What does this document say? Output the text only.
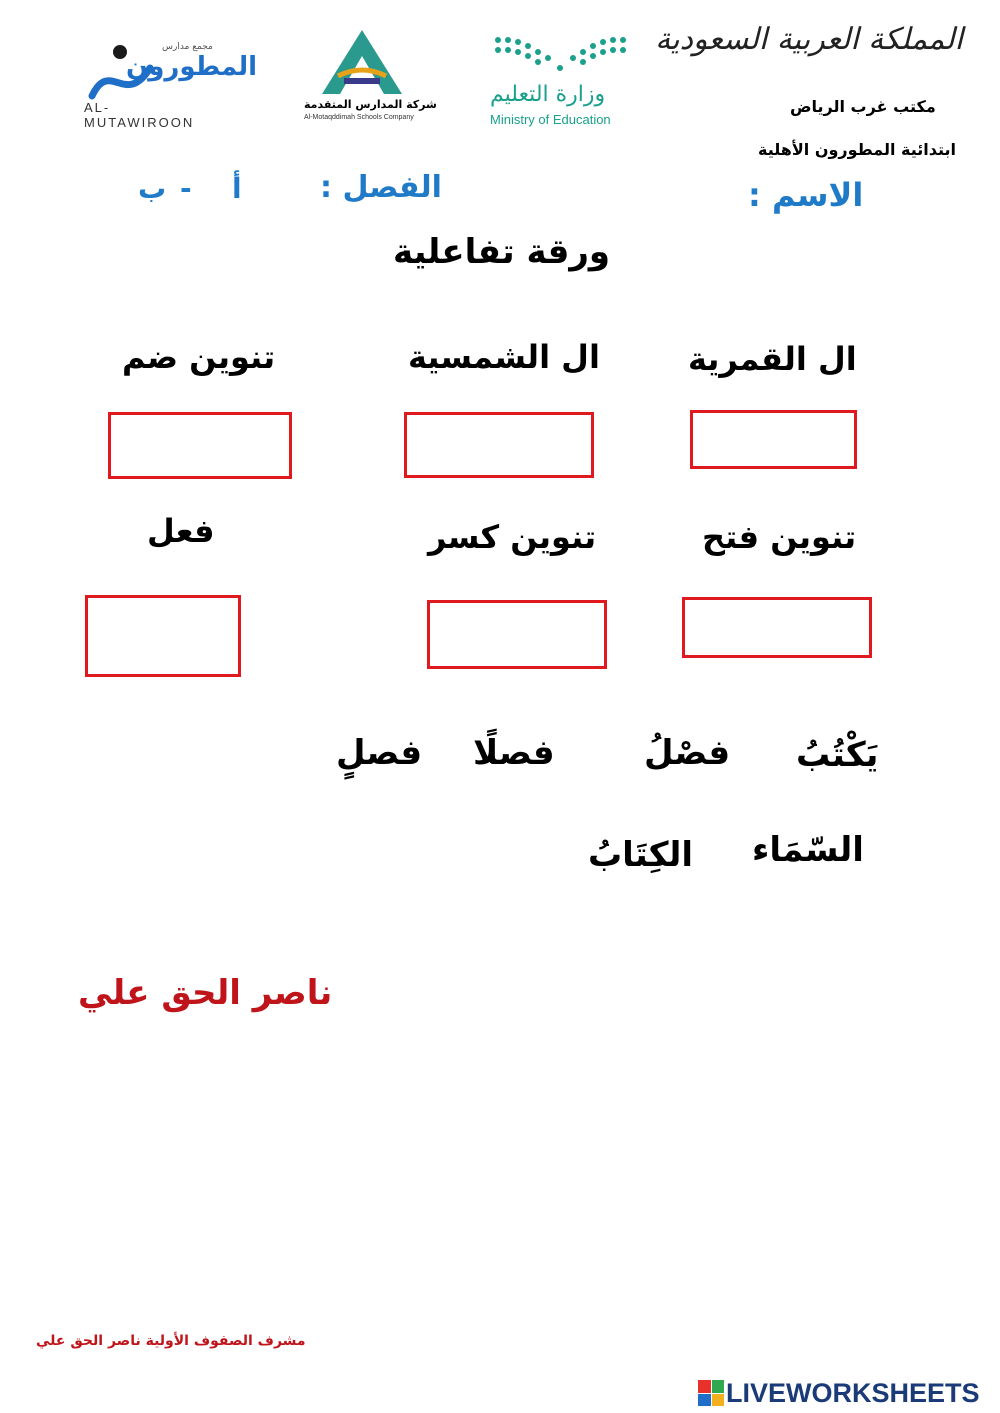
مجمع مدارس
المطورون
AL-MUTAWIROON
شركة المدارس المتقدمة
Al-Motaqddimah Schools Company
وزارة التعليم
Ministry of Education
المملكة العربية السعودية
مكتب غرب الرياض
ابتدائية المطورون الأهلية
الفصل :
أ
-
ب	الاسم :
ورقة تفاعلية
ال القمرية
ال الشمسية
تنوين ضم
تنوين فتح
تنوين كسر
فعل
يَكْتُبُ
فصْلُ
فصلًا
فصلٍ
السّمَاء
الكِتَابُ
ناصر الحق علي
مشرف الصفوف الأولية ناصر الحق علي
LIVEWORKSHEETS
